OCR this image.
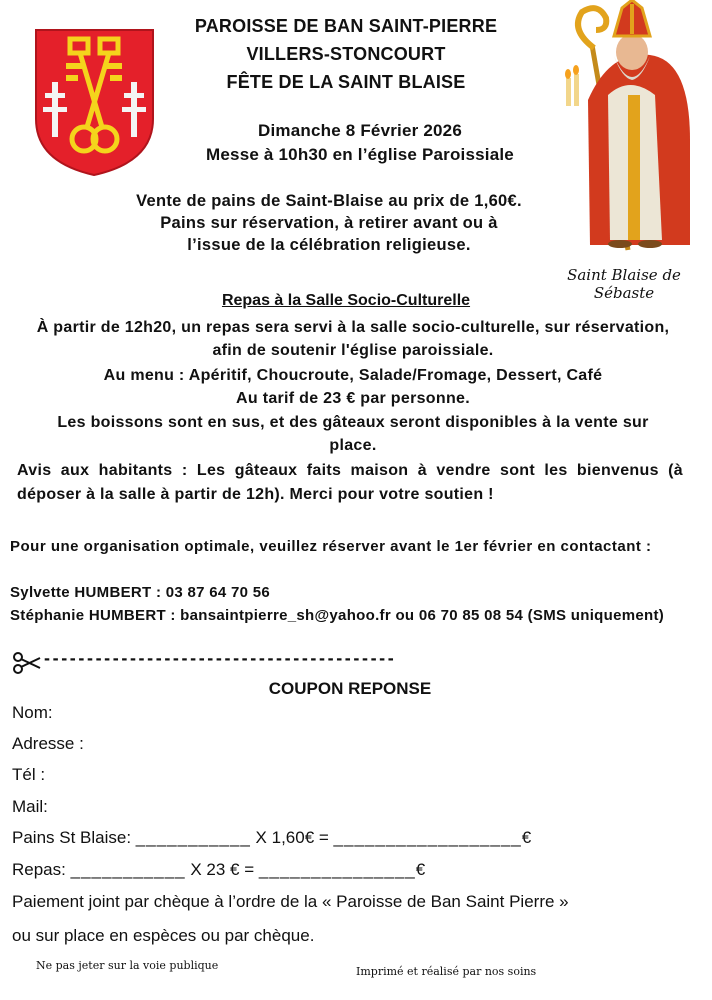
PAROISSE DE BAN SAINT-PIERRE
VILLERS-STONCOURT
FÊTE DE LA SAINT BLAISE
Dimanche 8 Février 2026
Messe à 10h30 en l’église Paroissiale
Saint Blaise de Sébaste
Vente de pains de Saint-Blaise au prix de 1,60€.
Pains sur réservation, à retirer avant ou à
l’issue de la célébration religieuse.
Repas à la Salle Socio-Culturelle
À partir de 12h20, un repas sera servi à la salle socio-culturelle, sur réservation, afin de soutenir l'église paroissiale.
Au menu : Apéritif, Choucroute, Salade/Fromage, Dessert, Café
Au tarif de 23 € par personne.
Les boissons sont en sus, et des gâteaux seront disponibles à la vente sur place.
Avis aux habitants : Les gâteaux faits maison à vendre sont les bienvenus (à déposer à la salle à partir de 12h). Merci pour votre soutien !
Pour une organisation optimale, veuillez réserver avant le 1er février en contactant :
Sylvette HUMBERT : 03 87 64 70 56
Stéphanie HUMBERT : bansaintpierre_sh@yahoo.fr ou 06 70 85 08 54 (SMS uniquement)
-----------------------------------------
COUPON REPONSE
Nom:
Adresse :
Tél :
Mail:
Pains St Blaise: ___________ X 1,60€ = __________________€
Repas: ___________ X 23 € = _______________€
Paiement joint par chèque à l’ordre de la « Paroisse de Ban Saint Pierre »
ou sur place en espèces ou par chèque.
Ne pas jeter sur la voie publique	Imprimé et réalisé par nos soins
